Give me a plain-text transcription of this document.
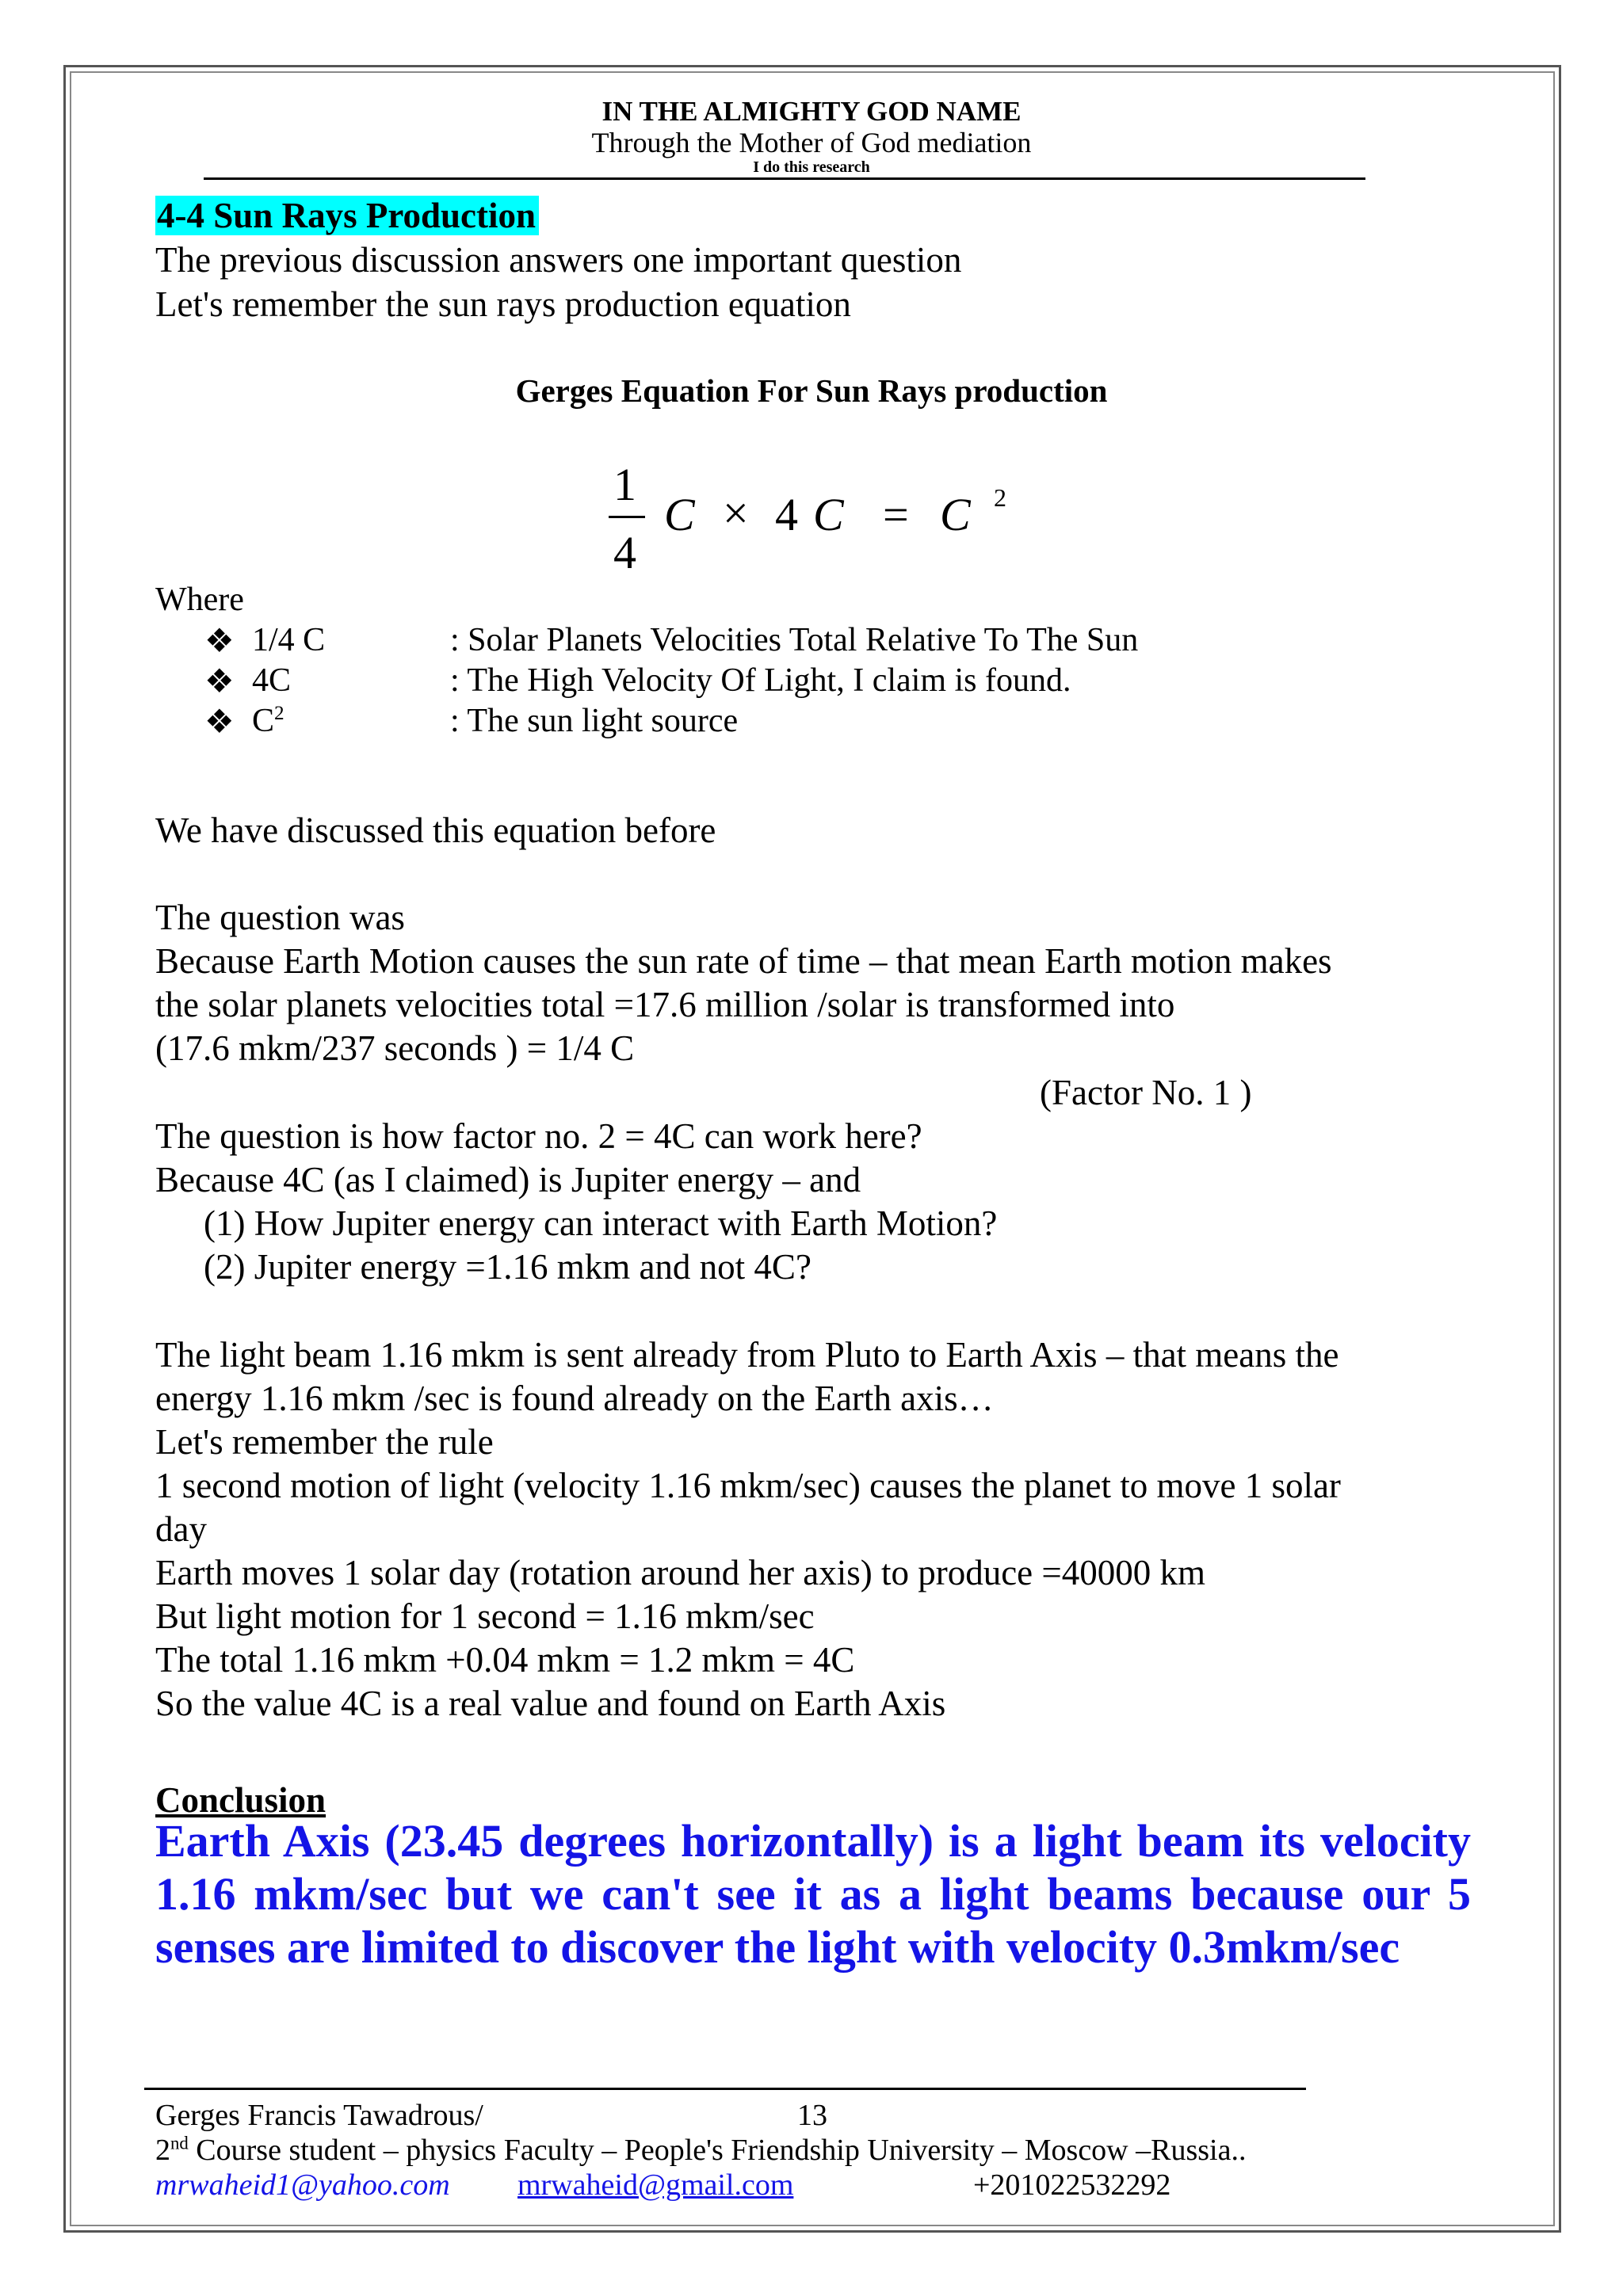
IN THE ALMIGHTY GOD NAME
Through the Mother of God mediation
I do this research
4-4 Sun Rays Production
The previous discussion answers one important question
Let's remember the sun rays production equation
Gerges Equation For Sun Rays production
1
4
C × 4 C = C 2
Where
❖ 1/4 C	: Solar Planets Velocities Total Relative To The Sun
❖ 4C	: The High Velocity Of Light, I claim is found.
❖ $C^2$	: The sun light source
We have discussed this equation before
The question was
Because Earth Motion causes the sun rate of time – that mean Earth motion makes
the solar planets velocities total =17.6 million /solar is transformed into
(17.6 mkm/237 seconds ) = 1/4 C
(Factor No. 1 )
The question is how factor no. 2 = 4C can work here?
Because 4C (as I claimed) is Jupiter energy – and
(1) How Jupiter energy can interact with Earth Motion?
(2) Jupiter energy =1.16 mkm and not 4C?
The light beam 1.16 mkm is sent already from Pluto to Earth Axis – that means the
energy 1.16 mkm /sec is found already on the Earth axis…
Let's remember the rule
1 second motion of light (velocity 1.16 mkm/sec) causes the planet to move 1 solar
day
Earth moves 1 solar day (rotation around her axis) to produce =40000 km
But light motion for 1 second = 1.16 mkm/sec
The total 1.16 mkm +0.04 mkm = 1.2 mkm = 4C
So the value 4C is a real value and found on Earth Axis
Conclusion
Earth Axis (23.45 degrees horizontally) is a light beam its velocity 1.16 mkm/sec but we can't see it as a light beams because our 5 senses are limited to discover the light with velocity 0.3mkm/sec
Gerges Francis Tawadrous/	13
2nd Course student – physics Faculty – People's Friendship University – Moscow –Russia..
mrwaheid1@yahoo.com mrwaheid@gmail.com	+201022532292
